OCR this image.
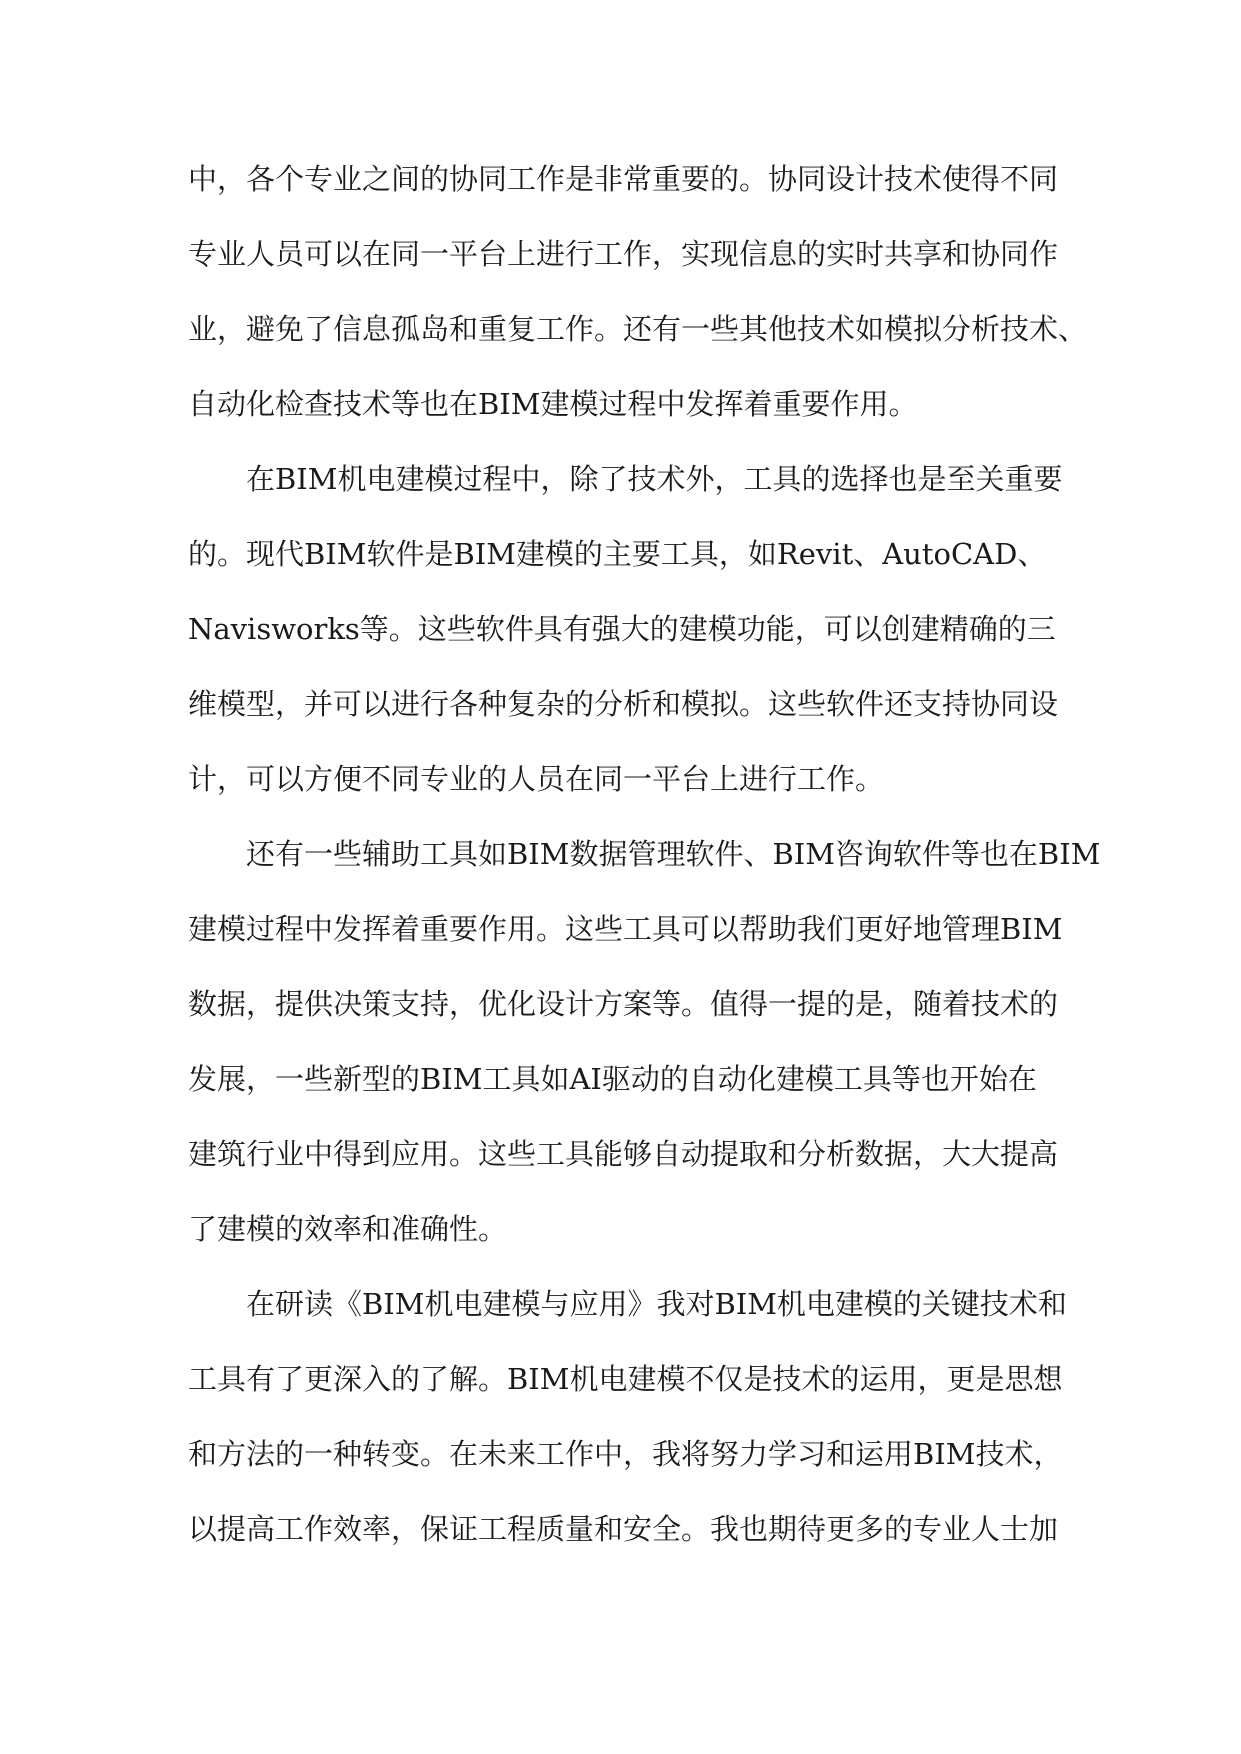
中，各个专业之间的协同工作是非常重要的。协同设计技术使得不同
专业人员可以在同一平台上进行工作，实现信息的实时共享和协同作
业，避免了信息孤岛和重复工作。还有一些其他技术如模拟分析技术、
自动化检查技术等也在BIM建模过程中发挥着重要作用。
在BIM机电建模过程中，除了技术外，工具的选择也是至关重要
的。现代BIM软件是BIM建模的主要工具，如Revit、AutoCAD、
Navisworks等。这些软件具有强大的建模功能，可以创建精确的三
维模型，并可以进行各种复杂的分析和模拟。这些软件还支持协同设
计，可以方便不同专业的人员在同一平台上进行工作。
还有一些辅助工具如BIM数据管理软件、BIM咨询软件等也在BIM
建模过程中发挥着重要作用。这些工具可以帮助我们更好地管理BIM
数据，提供决策支持，优化设计方案等。值得一提的是，随着技术的
发展，一些新型的BIM工具如AI驱动的自动化建模工具等也开始在
建筑行业中得到应用。这些工具能够自动提取和分析数据，大大提高
了建模的效率和准确性。
在研读《BIM机电建模与应用》我对BIM机电建模的关键技术和
工具有了更深入的了解。BIM机电建模不仅是技术的运用，更是思想
和方法的一种转变。在未来工作中，我将努力学习和运用BIM技术，
以提高工作效率，保证工程质量和安全。我也期待更多的专业人士加
